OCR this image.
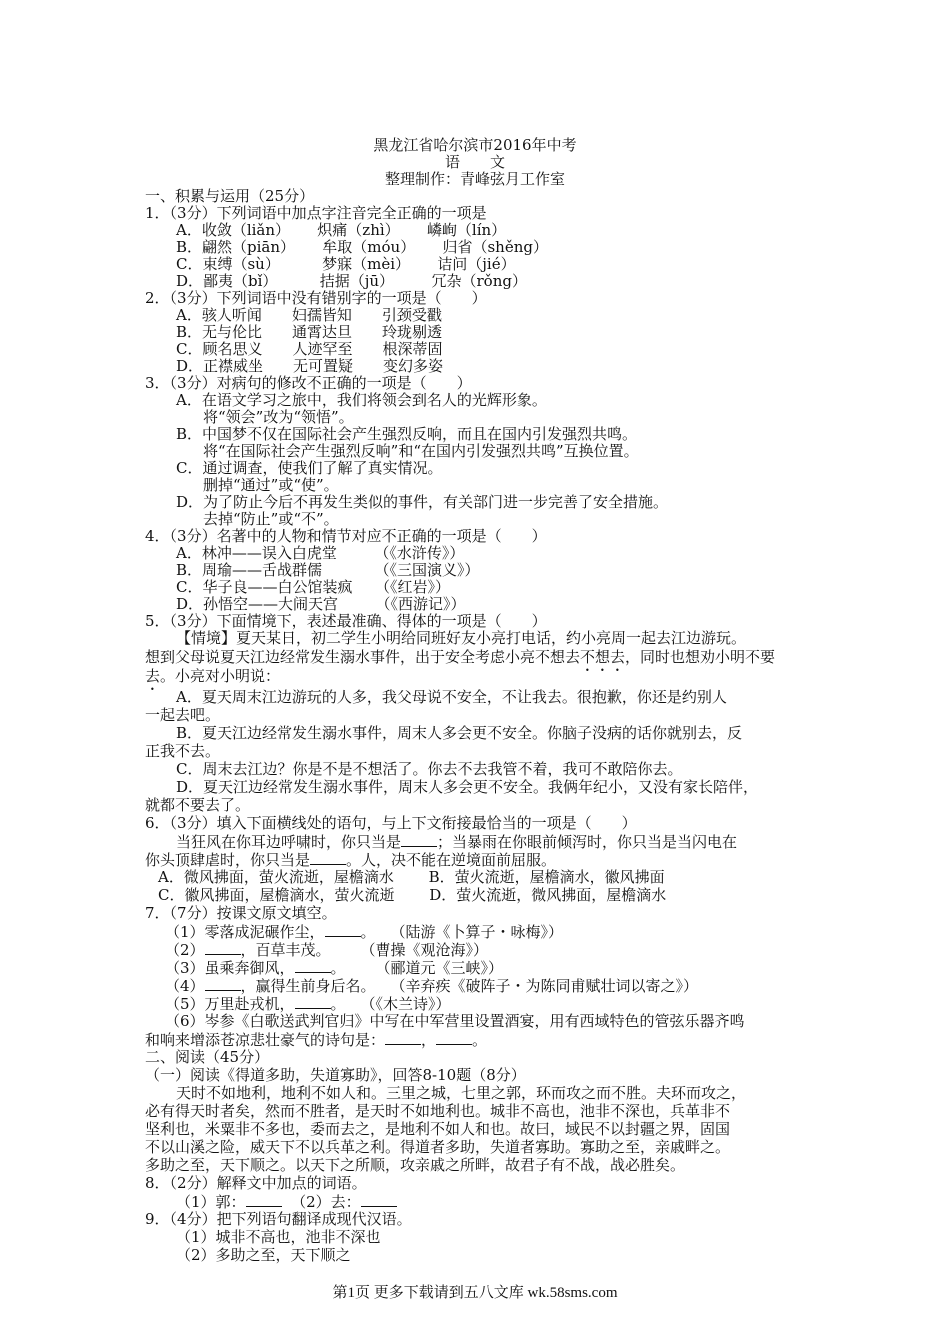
黑龙江省哈尔滨市2016年中考
语　　文
整理制作：青峰弦月工作室
一、积累与运用（25分）
1．（3分）下列词语中加点字注音完全正确的一项是
A．收敛（liǎn）　　 炽痛（zhì）　　 嶙峋（lín）
B．翩然（piān）　　 牟取（móu）　　 归省（shěng）
C．束缚（sù）　　　 梦寐（mèi）　　 诘问（jié）
D．鄙夷（bǐ）　　　 拮据（jū）　　　冗杂（rǒng）
2．（3分）下列词语中没有错别字的一项是（　　）
A．骇人听闻　　妇孺皆知　　引颈受戳
B．无与伦比　　通霄达旦　　玲珑剔透
C．顾名思义　　人迹罕至　　根深蒂固
D．正襟威坐　　无可置疑　　变幻多姿
3．（3分）对病句的修改不正确的一项是（　　）
A．在语文学习之旅中，我们将领会到名人的光辉形象。
将“领会”改为“领悟”。
B．中国梦不仅在国际社会产生强烈反响，而且在国内引发强烈共鸣。
将“在国际社会产生强烈反响”和“在国内引发强烈共鸣”互换位置。
C．通过调查，使我们了解了真实情况。
删掉“通过”或“使”。
D．为了防止今后不再发生类似的事件，有关部门进一步完善了安全措施。
去掉“防止”或“不”。
4．（3分）名著中的人物和情节对应不正确的一项是（　　）
A．林冲——误入白虎堂　　　（《水浒传》）
B．周瑜——舌战群儒　　　　（《三国演义》）
C．华子良——白公馆装疯　　（《红岩》）
D．孙悟空——大闹天宫　　　（《西游记》）
5．（3分）下面情境下，表述最准确、得体的一项是（　　）
【情境】夏天某日，初二学生小明给同班好友小亮打电话，约小亮周一起去江边游玩。
想到父母说夏天江边经常发生溺水事件，出于安全考虑小亮不想去不想去，同时也想劝小明不要
去。小亮对小明说：
A．夏天周末江边游玩的人多，我父母说不安全，不让我去。很抱歉，你还是约别人
一起去吧。
B．夏天江边经常发生溺水事件，周末人多会更不安全。你脑子没病的话你就别去，反
正我不去。
C．周末去江边？你是不是不想活了。你去不去我管不着，我可不敢陪你去。
D．夏天江边经常发生溺水事件，周末人多会更不安全。我俩年纪小，又没有家长陪伴，
就都不要去了。
6．（3分）填入下面横线处的语句，与上下文衔接最恰当的一项是（　　）
当狂风在你耳边呼啸时，你只当是 ；当暴雨在你眼前倾泻时，你只当是当闪电在
你头顶肆虐时，你只当是 。人，决不能在逆境面前屈服。
A．微风拂面，萤火流逝，屋檐滴水　　 B．萤火流逝，屋檐滴水，徽风拂面
C．徽风拂面，屋檐滴水，萤火流逝　　 D．萤火流逝，微风拂面，屋檐滴水
7．（7分）按课文原文填空。
（1）零落成泥碾作尘， 。　　（陆游《卜算子・咏梅》）
（2） ，百草丰茂。　　　（曹操《观沧海》）
（3）虽乘奔御风， 。　　　（郦道元《三峡》）
（4） ，赢得生前身后名。　　（辛弃疾《破阵子・为陈同甫赋壮词以寄之》）
（5）万里赴戎机， 。　　（《木兰诗》）
（6）岑参《白歌送武判官归》中写在中军营里设置酒宴，用有西域特色的管弦乐器齐鸣
和响来增添苍凉悲壮豪气的诗句是： ， 。
二、阅读（45分）
（一）阅读《得道多助，失道寡助》，回答8-10题（8分）
天时不如地利，地利不如人和。三里之城，七里之郭，环而攻之而不胜。夫环而攻之，
必有得天时者矣，然而不胜者，是天时不如地利也。城非不高也，池非不深也，兵革非不
坚利也，米粟非不多也，委而去之，是地利不如人和也。故曰，域民不以封疆之界，固国
不以山溪之险，威天下不以兵革之利。得道者多助，失道者寡助。寡助之至，亲戚畔之。
多助之至，天下顺之。以天下之所顺，攻亲戚之所畔，故君子有不战，战必胜矣。
8．（2分）解释文中加点的词语。
（1）郭：	（2）去：
9．（4分）把下列语句翻译成现代汉语。
（1）城非不高也，池非不深也
（2）多助之至，天下顺之
第1页 更多下载请到五八文库 wk.58sms.com
